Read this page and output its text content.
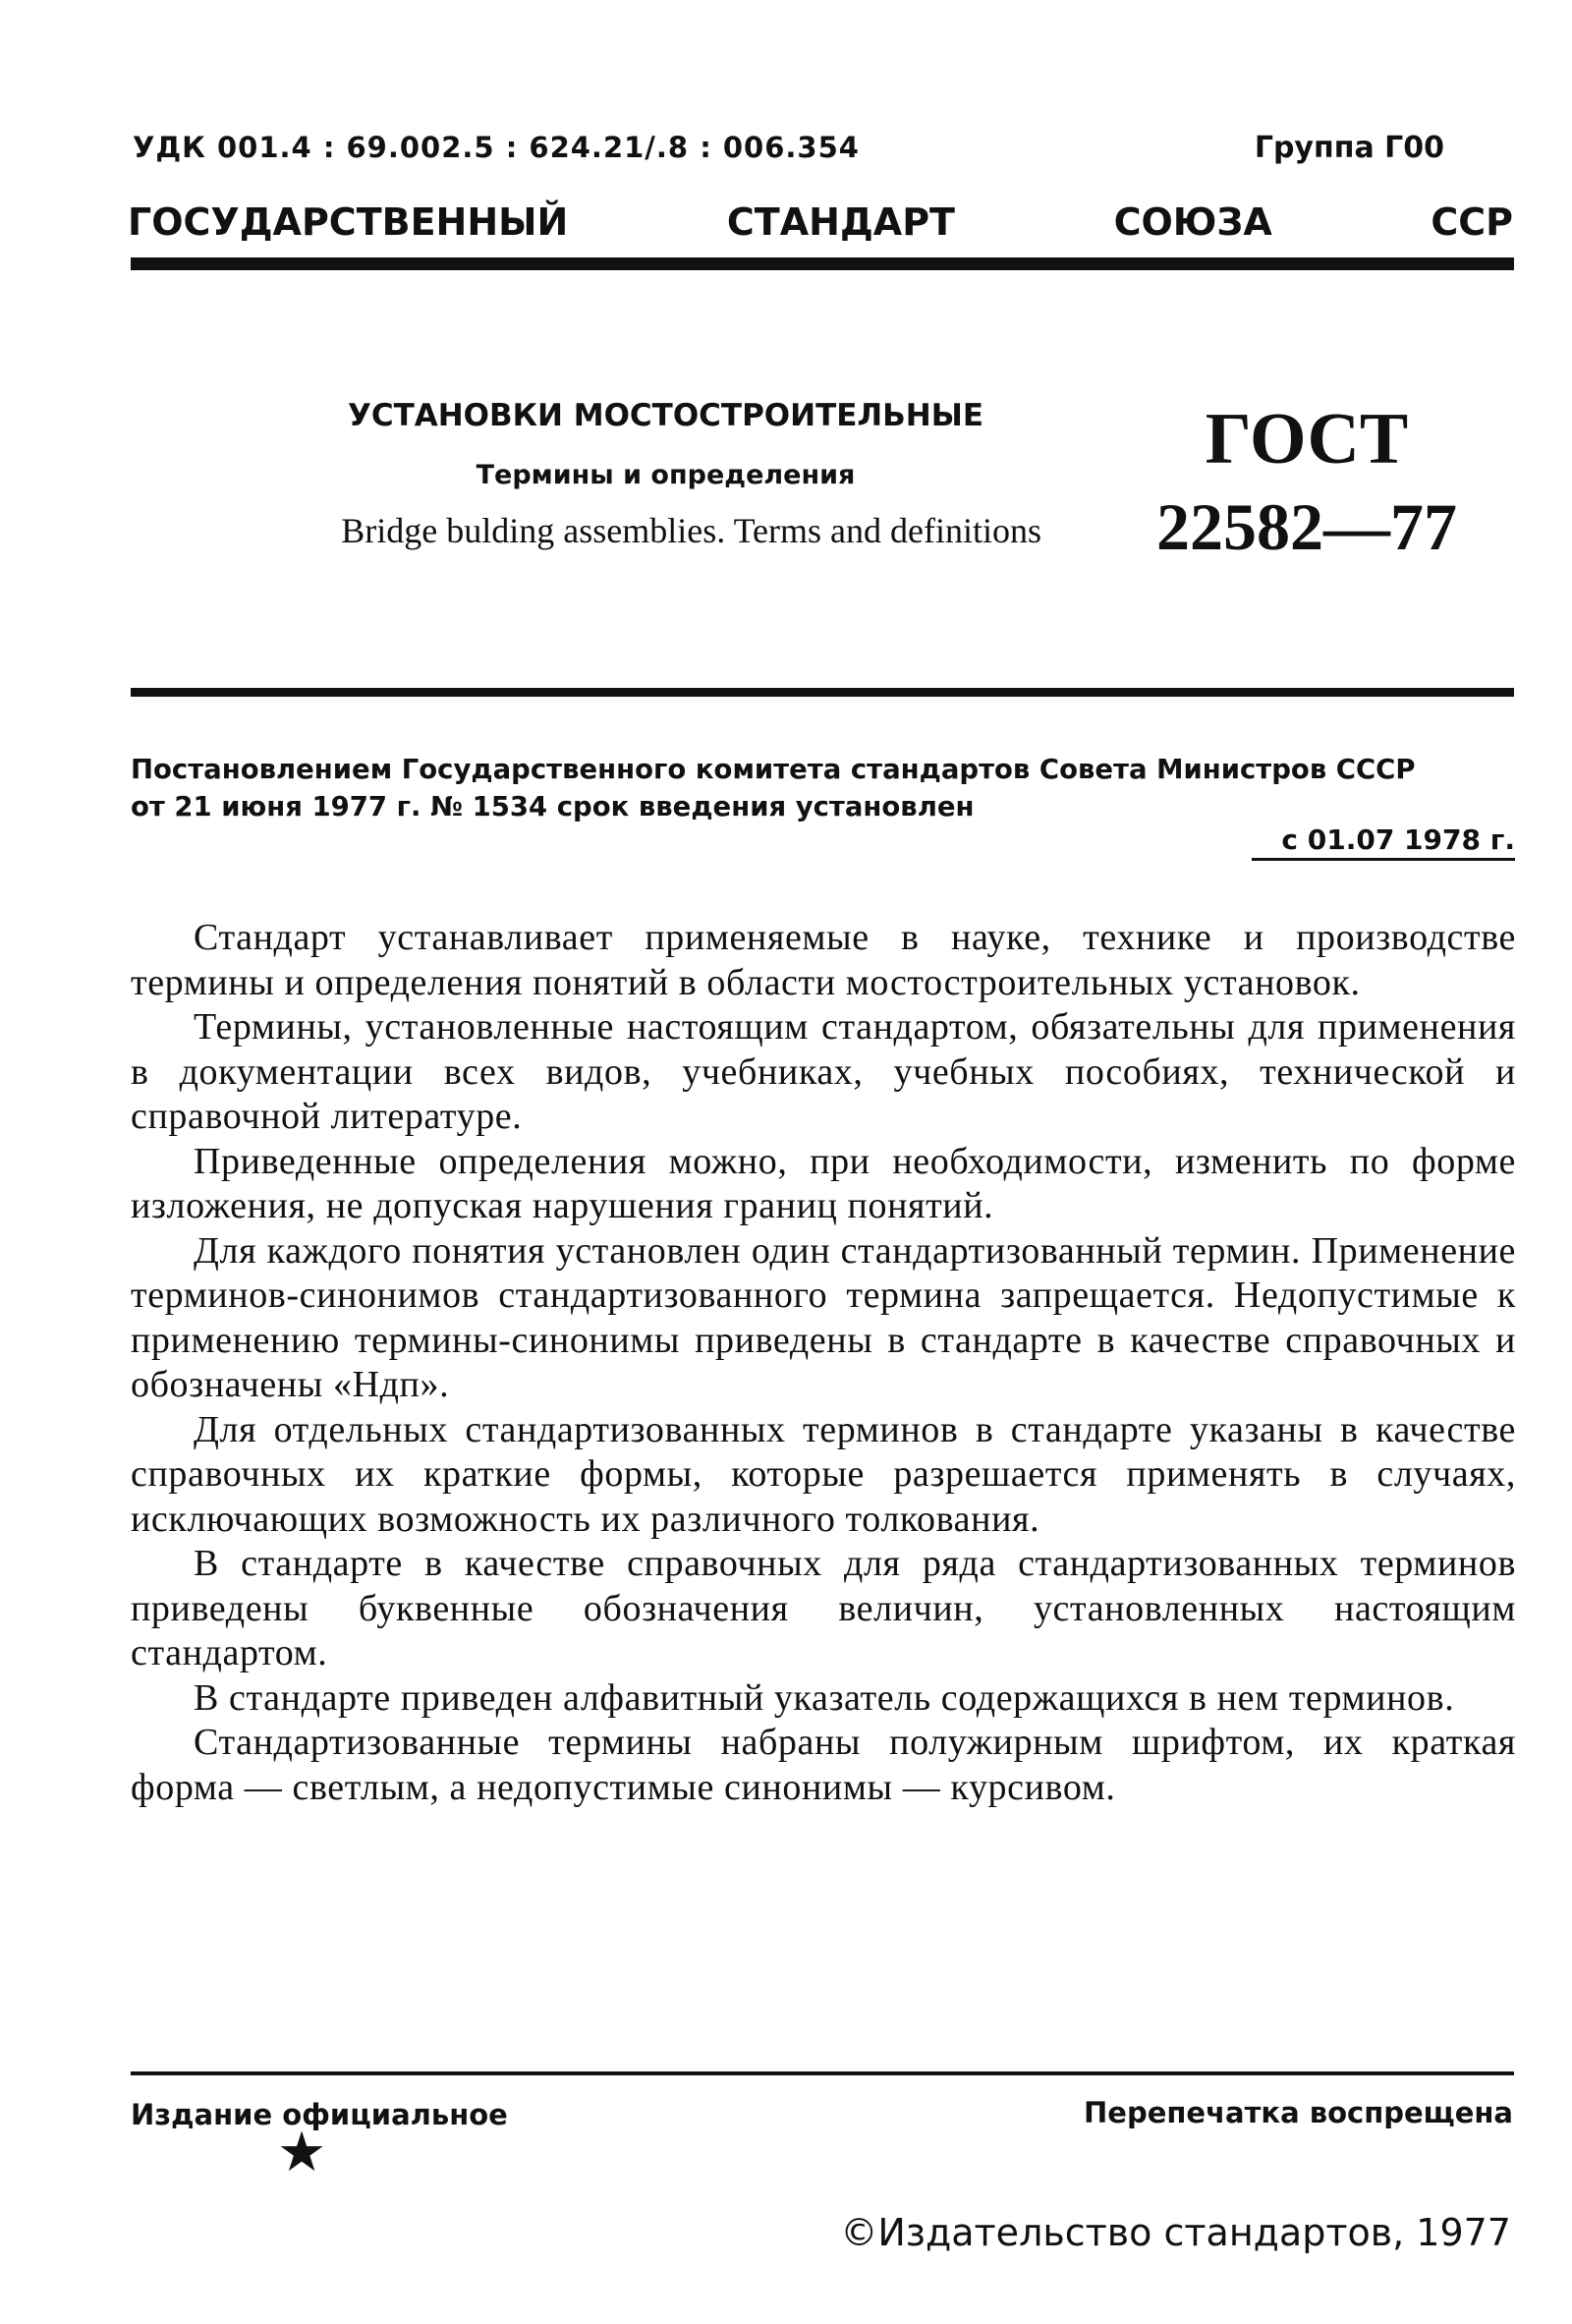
УДК 001.4 : 69.002.5 : 624.21/.8 : 006.354	Группа Г00
ГОСУДАРСТВЕННЫЙ	СТАНДАРТ	СОЮЗА	ССР
УСТАНОВКИ МОСТОСТРОИТЕЛЬНЫЕ
Термины и определения
Bridge bulding assemblies. Terms and definitions
ГОСТ
22582—77
Постановлением Государственного комитета стандартов Совета Министров СССР
от 21 июня 1977 г. № 1534 срок введения установлен
с 01.07 1978 г.

Стандарт устанавливает применяемые в науке, технике и производстве термины и определения понятий в области мостостроительных установок.

Термины, установленные настоящим стандартом, обязательны для применения в документации всех видов, учебниках, учебных пособиях, технической и справочной литературе.

Приведенные определения можно, при необходимости, изменить по форме изложения, не допуская нарушения границ понятий.

Для каждого понятия установлен один стандартизованный термин. Применение терминов-синонимов стандартизованного термина запрещается. Недопустимые к применению термины-синонимы приведены в стандарте в качестве справочных и обозначены «Ндп».

Для отдельных стандартизованных терминов в стандарте указаны в качестве справочных их краткие формы, которые разрешается применять в случаях, исключающих возможность их различного толкования.

В стандарте в качестве справочных для ряда стандартизованных терминов приведены буквенные обозначения величин, установленных настоящим стандартом.

В стандарте приведен алфавитный указатель содержащихся в нем терминов.

Стандартизованные термины набраны полужирным шрифтом, их краткая форма — светлым, а недопустимые синонимы — курсивом.

Издание официальное	Перепечатка воспрещена
★
©Издательство стандартов, 1977
